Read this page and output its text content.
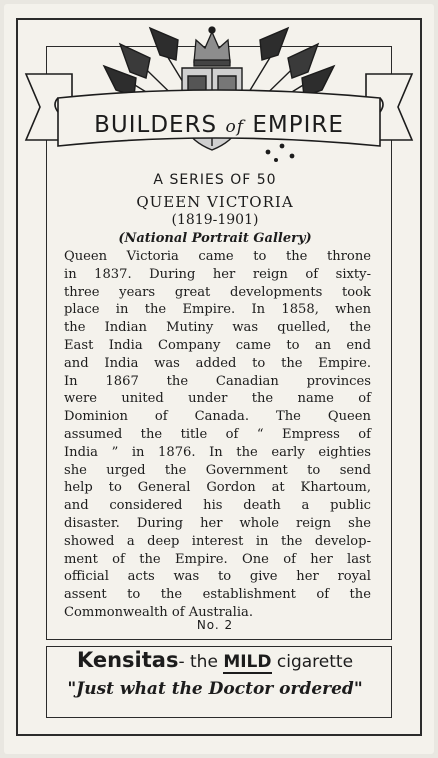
BUILDERS of EMPIRE
A SERIES OF 50
QUEEN VICTORIA
(1819-1901)
(National Portrait Gallery)
Queen Victoria came to the throne
in 1837. During her reign of sixty-
three years great developments took
place in the Empire. In 1858, when
the Indian Mutiny was quelled, the
East India Company came to an end
and India was added to the Empire.
In 1867 the Canadian provinces
were united under the name of
Dominion of Canada. The Queen
assumed the title of “ Empress of
India ” in 1876. In the early eighties
she urged the Government to send
help to General Gordon at Khartoum,
and considered his death a public
disaster. During her whole reign she
showed a deep interest in the develop-
ment of the Empire. One of her last
official acts was to give her royal
assent to the establishment of the
Commonwealth of Australia.
No. 2
Kensitas- the MILD cigarette
"Just what the Doctor ordered"
